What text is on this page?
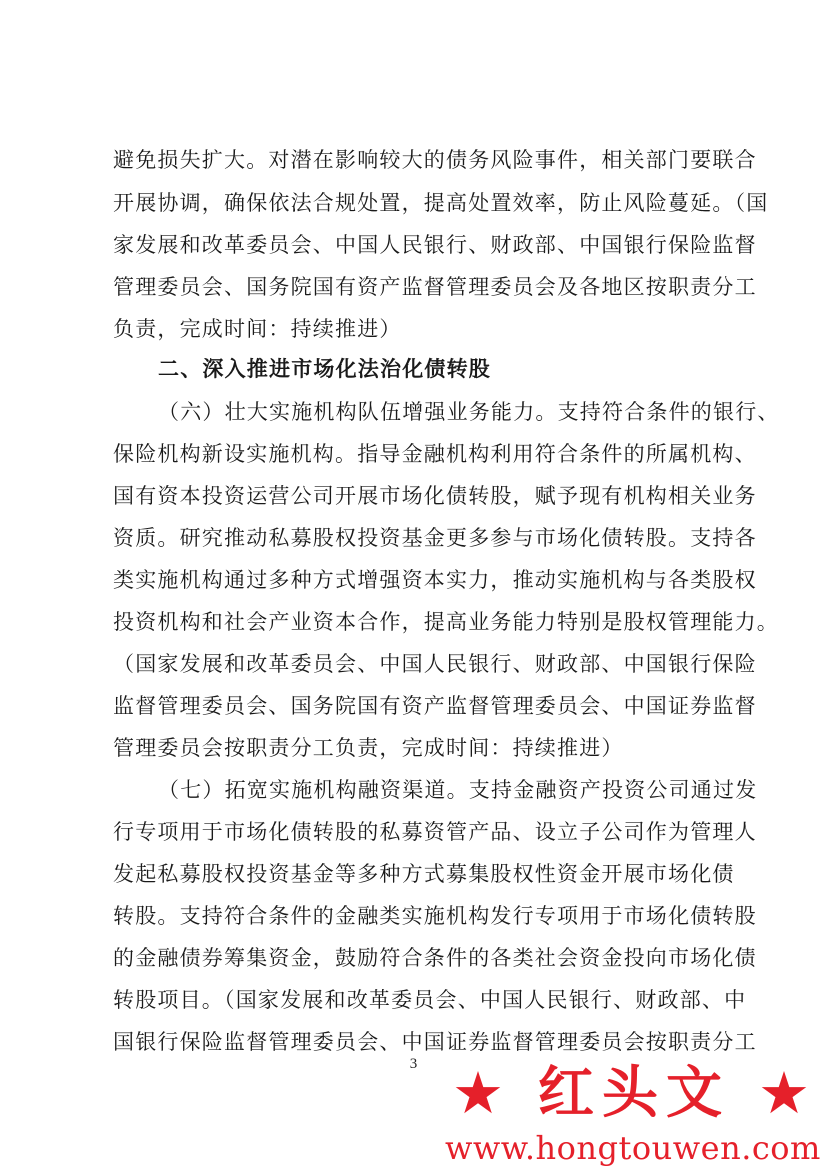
避免损失扩大。对潜在影响较大的债务风险事件，相关部门要联合
开展协调，确保依法合规处置，提高处置效率，防止风险蔓延。（国
家发展和改革委员会、中国人民银行、财政部、中国银行保险监督
管理委员会、国务院国有资产监督管理委员会及各地区按职责分工
负责，完成时间：持续推进）
二、深入推进市场化法治化债转股
（六）壮大实施机构队伍增强业务能力。支持符合条件的银行、
保险机构新设实施机构。指导金融机构利用符合条件的所属机构、
国有资本投资运营公司开展市场化债转股，赋予现有机构相关业务
资质。研究推动私募股权投资基金更多参与市场化债转股。支持各
类实施机构通过多种方式增强资本实力，推动实施机构与各类股权
投资机构和社会产业资本合作，提高业务能力特别是股权管理能力。
（国家发展和改革委员会、中国人民银行、财政部、中国银行保险
监督管理委员会、国务院国有资产监督管理委员会、中国证券监督
管理委员会按职责分工负责，完成时间：持续推进）
（七）拓宽实施机构融资渠道。支持金融资产投资公司通过发
行专项用于市场化债转股的私募资管产品、设立子公司作为管理人
发起私募股权投资基金等多种方式募集股权性资金开展市场化债
转股。支持符合条件的金融类实施机构发行专项用于市场化债转股
的金融债券筹集资金，鼓励符合条件的各类社会资金投向市场化债
转股项目。（国家发展和改革委员会、中国人民银行、财政部、中
国银行保险监督管理委员会、中国证券监督管理委员会按职责分工
3 ★ 红头文 ★
www.hongtouwen.com
